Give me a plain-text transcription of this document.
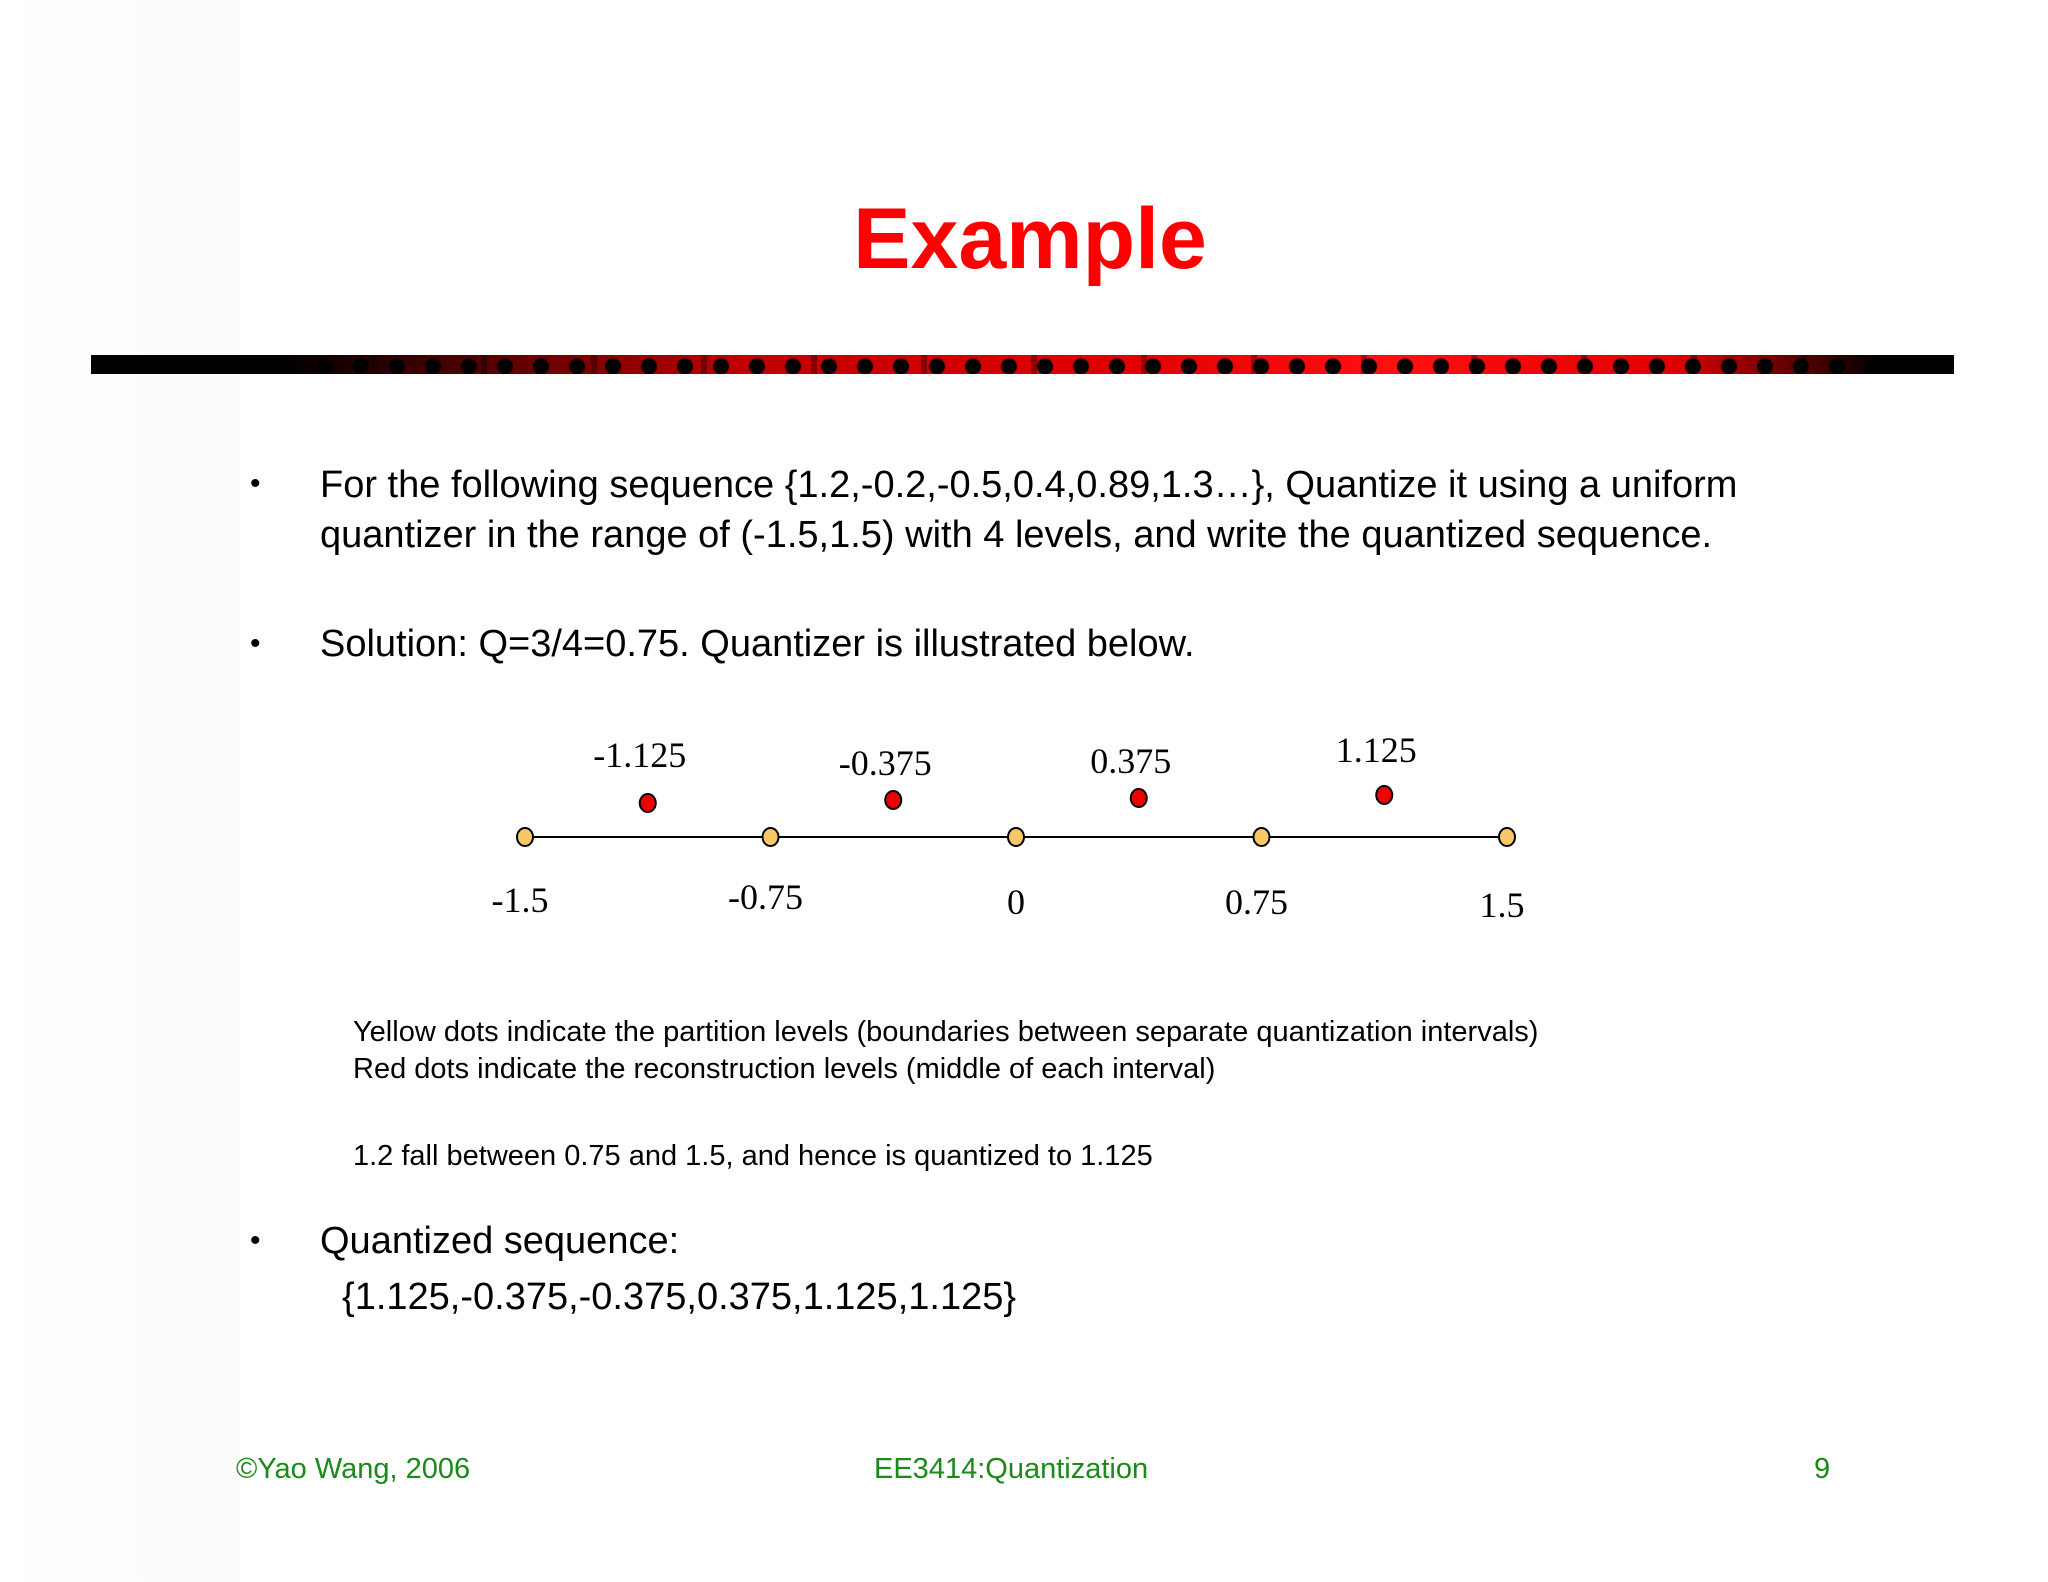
Example
• For the following sequence {1.2,-0.2,-0.5,0.4,0.89,1.3…}, Quantize it using a uniform quantizer in the range of (-1.5,1.5) with 4 levels, and write the quantized sequence.
• Solution: Q=3/4=0.75. Quantizer is illustrated below.
-1.125	-0.375	0.375	1.125
-1.5	-0.75	0	0.75	1.5
Yellow dots indicate the partition levels (boundaries between separate quantization intervals)
Red dots indicate the reconstruction levels (middle of each interval)
1.2 fall between 0.75 and 1.5, and hence is quantized to 1.125
• Quantized sequence:
{1.125,-0.375,-0.375,0.375,1.125,1.125}
©Yao Wang, 2006	EE3414:Quantization	9
